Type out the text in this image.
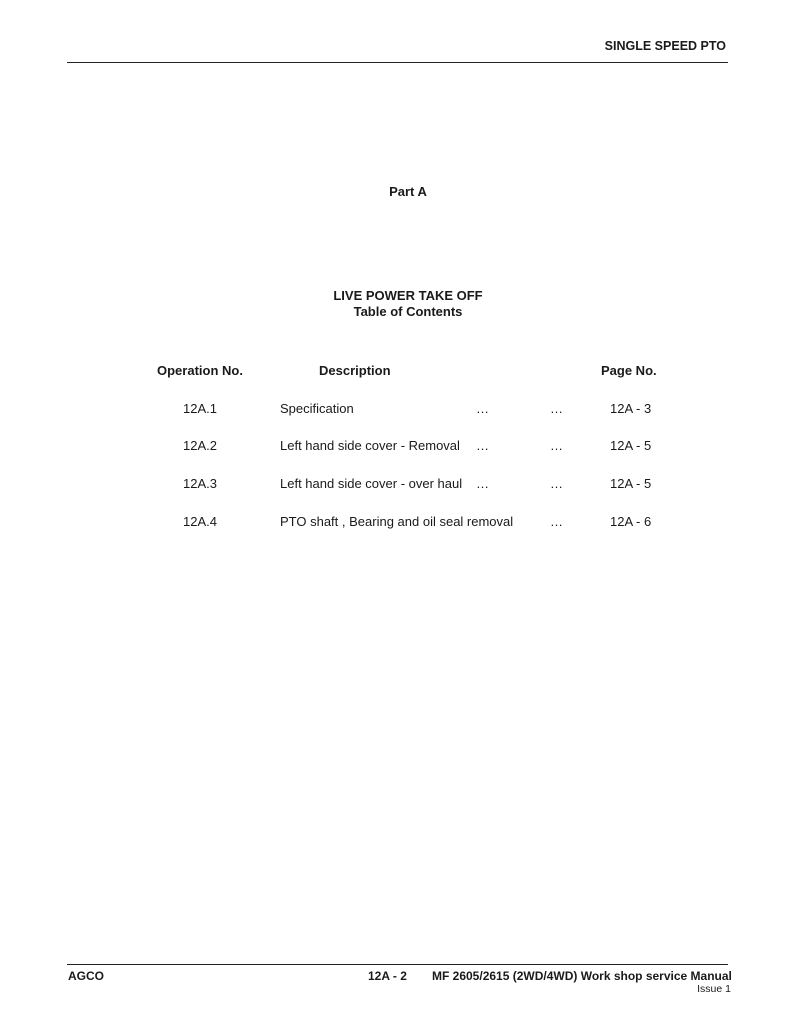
SINGLE SPEED PTO
Part A
LIVE POWER TAKE OFF
Table of Contents
Operation No.	Description	Page No.
12A.1	Specification	…	…	12A - 3
12A.2	Left hand side cover - Removal …	…	12A - 5
12A.3	Left hand side cover - over haul …	…	12A - 5
12A.4	PTO shaft , Bearing and oil seal removal	…	12A - 6
AGCO	12A - 2 MF 2605/2615 (2WD/4WD) Work shop service Manual
Issue 1
